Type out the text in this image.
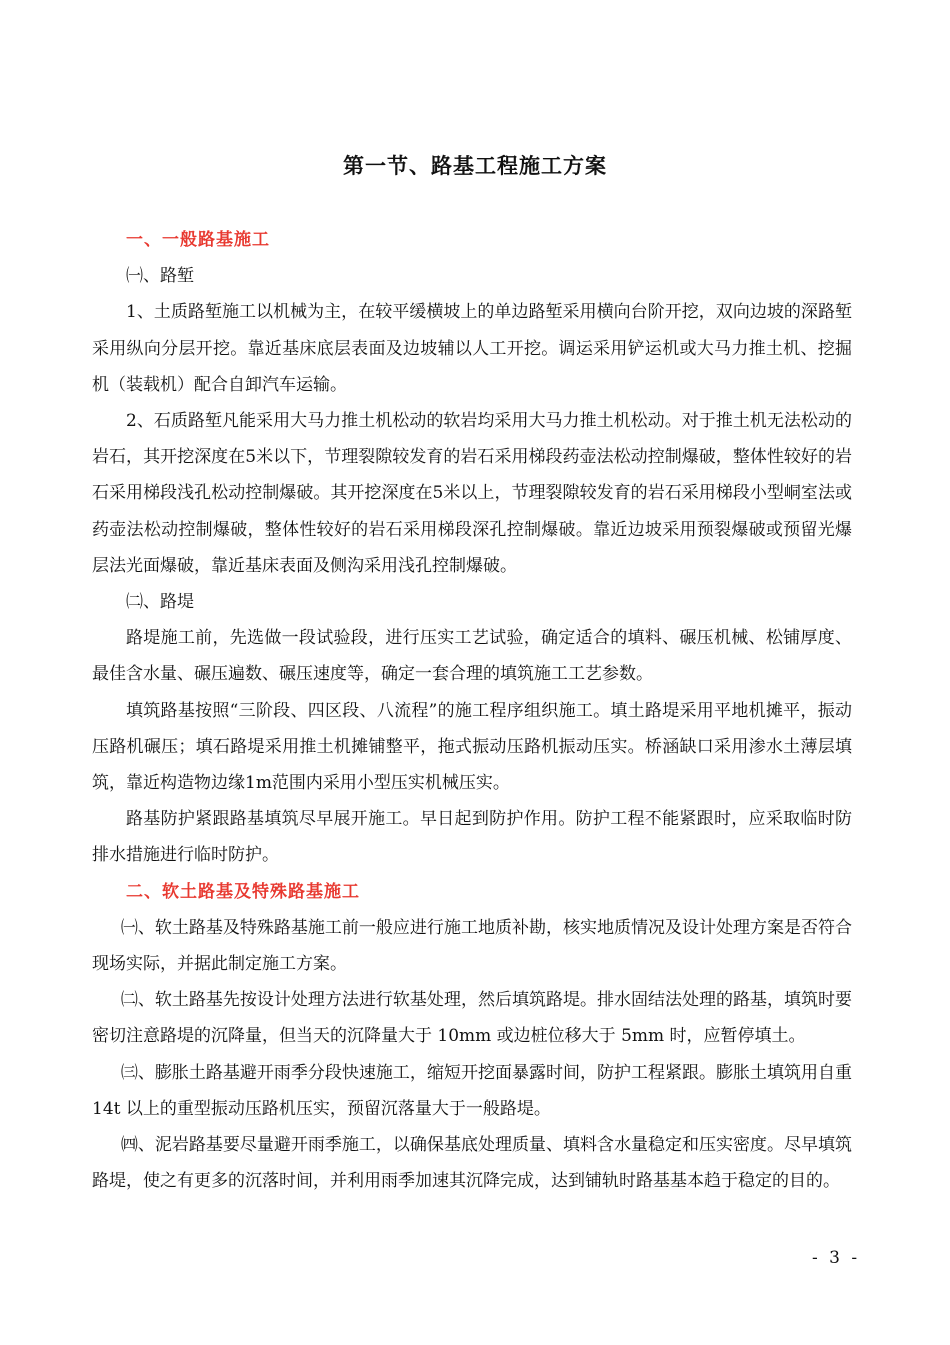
第一节、路基工程施工方案

一、一般路基施工

㈠、路堑

1、土质路堑施工以机械为主，在较平缓横坡上的单边路堑采用横向台阶开挖，双向边坡的深路堑采用纵向分层开挖。靠近基床底层表面及边坡辅以人工开挖。调运采用铲运机或大马力推土机、挖掘机（装载机）配合自卸汽车运输。

2、石质路堑凡能采用大马力推土机松动的软岩均采用大马力推土机松动。对于推土机无法松动的岩石，其开挖深度在5米以下，节理裂隙较发育的岩石采用梯段药壶法松动控制爆破，整体性较好的岩石采用梯段浅孔松动控制爆破。其开挖深度在5米以上，节理裂隙较发育的岩石采用梯段小型峒室法或药壶法松动控制爆破，整体性较好的岩石采用梯段深孔控制爆破。靠近边坡采用预裂爆破或预留光爆层法光面爆破，靠近基床表面及侧沟采用浅孔控制爆破。

㈡、路堤

路堤施工前，先选做一段试验段，进行压实工艺试验，确定适合的填料、碾压机械、松铺厚度、最佳含水量、碾压遍数、碾压速度等，确定一套合理的填筑施工工艺参数。

填筑路基按照“三阶段、四区段、八流程”的施工程序组织施工。填土路堤采用平地机摊平，振动压路机碾压；填石路堤采用推土机摊铺整平，拖式振动压路机振动压实。桥涵缺口采用渗水土薄层填筑，靠近构造物边缘1m范围内采用小型压实机械压实。

路基防护紧跟路基填筑尽早展开施工。早日起到防护作用。防护工程不能紧跟时，应采取临时防排水措施进行临时防护。

二、软土路基及特殊路基施工

㈠、软土路基及特殊路基施工前一般应进行施工地质补勘，核实地质情况及设计处理方案是否符合现场实际，并据此制定施工方案。

㈡、软土路基先按设计处理方法进行软基处理，然后填筑路堤。排水固结法处理的路基，填筑时要密切注意路堤的沉降量，但当天的沉降量大于 10mm 或边桩位移大于 5mm 时，应暂停填土。

㈢、膨胀土路基避开雨季分段快速施工，缩短开挖面暴露时间，防护工程紧跟。膨胀土填筑用自重 14t 以上的重型振动压路机压实，预留沉落量大于一般路堤。

㈣、泥岩路基要尽量避开雨季施工，以确保基底处理质量、填料含水量稳定和压实密度。尽早填筑路堤，使之有更多的沉落时间，并利用雨季加速其沉降完成，达到铺轨时路基基本趋于稳定的目的。

- 3 -
